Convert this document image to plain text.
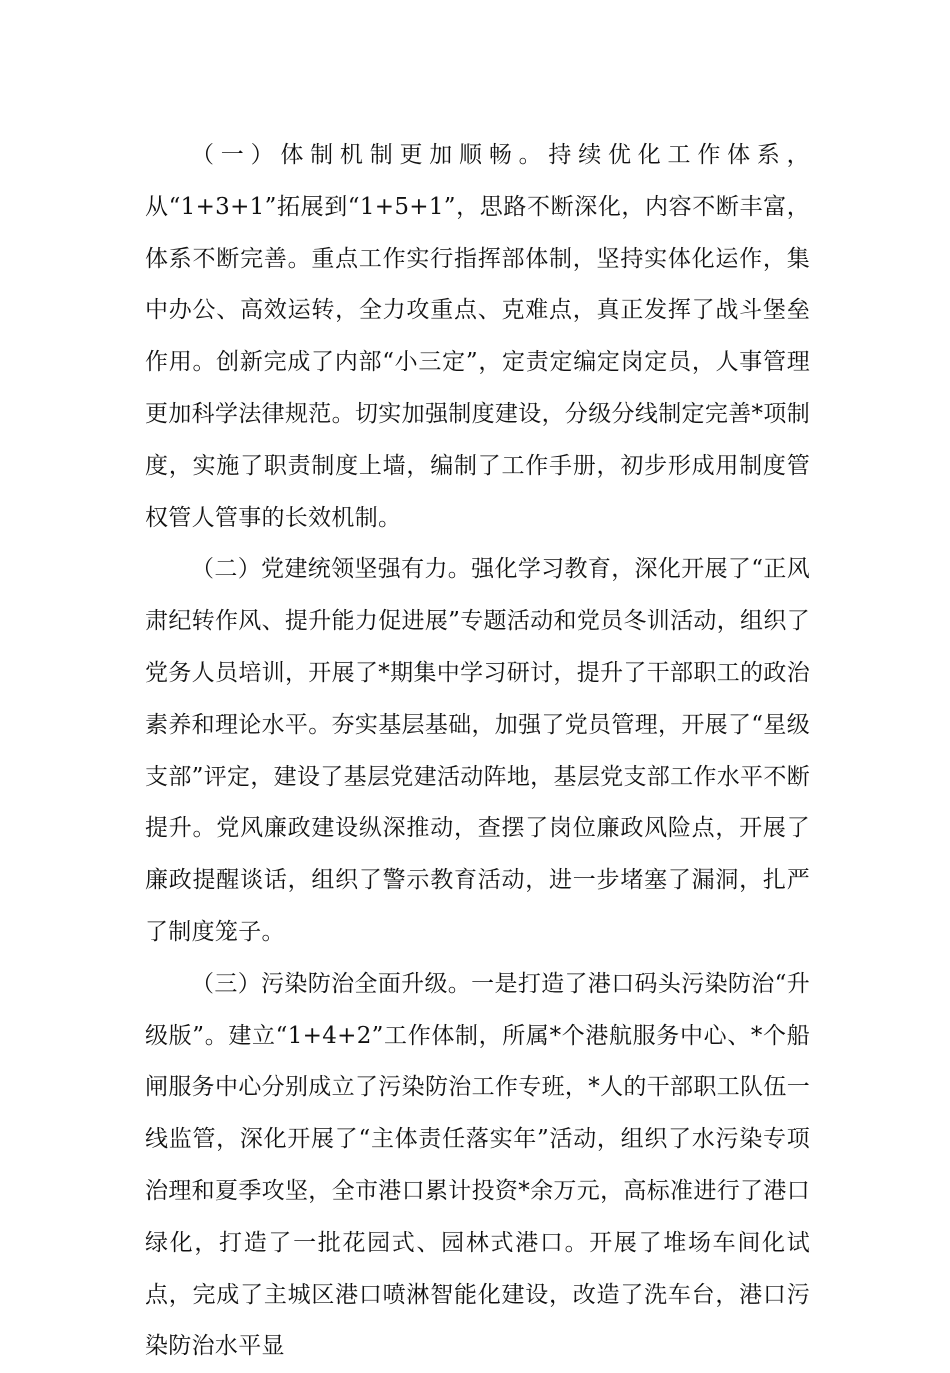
（一）体制机制更加顺畅。持续优化工作体系，从“1+3+1”拓展到“1+5+1”，思路不断深化，内容不断丰富，体系不断完善。重点工作实行指挥部体制，坚持实体化运作，集中办公、高效运转，全力攻重点、克难点，真正发挥了战斗堡垒作用。创新完成了内部“小三定”，定责定编定岗定员，人事管理更加科学法律规范。切实加强制度建设，分级分线制定完善*项制度，实施了职责制度上墙，编制了工作手册，初步形成用制度管权管人管事的长效机制。

（二）党建统领坚强有力。强化学习教育，深化开展了“正风肃纪转作风、提升能力促进展”专题活动和党员冬训活动，组织了党务人员培训，开展了*期集中学习研讨，提升了干部职工的政治素养和理论水平。夯实基层基础，加强了党员管理，开展了“星级支部”评定，建设了基层党建活动阵地，基层党支部工作水平不断提升。党风廉政建设纵深推动，查摆了岗位廉政风险点，开展了廉政提醒谈话，组织了警示教育活动，进一步堵塞了漏洞，扎严了制度笼子。

（三）污染防治全面升级。一是打造了港口码头污染防治“升级版”。建立“1+4+2”工作体制，所属*个港航服务中心、*个船闸服务中心分别成立了污染防治工作专班，*人的干部职工队伍一线监管，深化开展了“主体责任落实年”活动，组织了水污染专项治理和夏季攻坚，全市港口累计投资*余万元，高标准进行了港口绿化，打造了一批花园式、园林式港口。开展了堆场车间化试点，完成了主城区港口喷淋智能化建设，改造了洗车台，港口污染防治水平显
